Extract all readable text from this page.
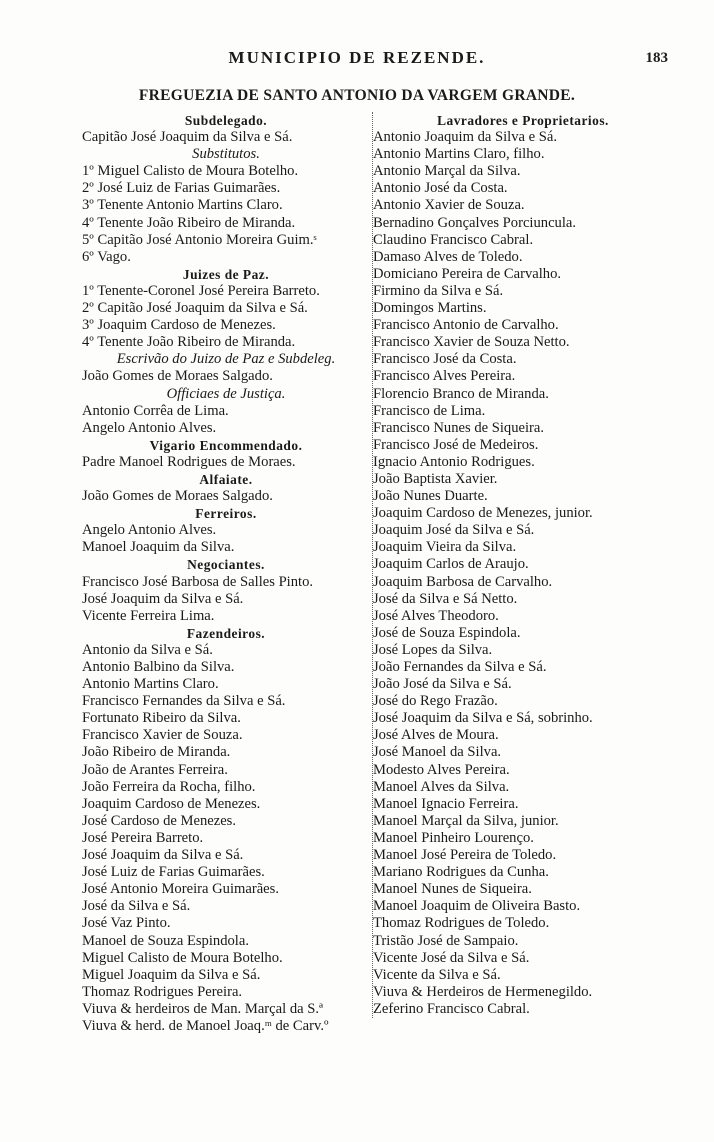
MUNICIPIO DE REZENDE.	183
FREGUEZIA DE SANTO ANTONIO DA VARGEM GRANDE.
Subdelegado.
Capitão José Joaquim da Silva e Sá.
Substitutos.
1º Miguel Calisto de Moura Botelho.
2º José Luiz de Farias Guimarães.
3º Tenente Antonio Martins Claro.
4º Tenente João Ribeiro de Miranda.
5º Capitão José Antonio Moreira Guim.ˢ
6º Vago.
Juizes de Paz.
1º Tenente-Coronel José Pereira Barreto.
2º Capitão José Joaquim da Silva e Sá.
3º Joaquim Cardoso de Menezes.
4º Tenente João Ribeiro de Miranda.
Escrivão do Juizo de Paz e Subdeleg.
João Gomes de Moraes Salgado.
Officiaes de Justiça.
Antonio Corrêa de Lima.
Angelo Antonio Alves.
Vigario Encommendado.
Padre Manoel Rodrigues de Moraes.
Alfaiate.
João Gomes de Moraes Salgado.
Ferreiros.
Angelo Antonio Alves.
Manoel Joaquim da Silva.
Negociantes.
Francisco José Barbosa de Salles Pinto.
José Joaquim da Silva e Sá.
Vicente Ferreira Lima.
Fazendeiros.
Antonio da Silva e Sá.
Antonio Balbino da Silva.
Antonio Martins Claro.
Francisco Fernandes da Silva e Sá.
Fortunato Ribeiro da Silva.
Francisco Xavier de Souza.
João Ribeiro de Miranda.
João de Arantes Ferreira.
João Ferreira da Rocha, filho.
Joaquim Cardoso de Menezes.
José Cardoso de Menezes.
José Pereira Barreto.
José Joaquim da Silva e Sá.
José Luiz de Farias Guimarães.
José Antonio Moreira Guimarães.
José da Silva e Sá.
José Vaz Pinto.
Manoel de Souza Espindola.
Miguel Calisto de Moura Botelho.
Miguel Joaquim da Silva e Sá.
Thomaz Rodrigues Pereira.
Viuva & herdeiros de Man. Marçal da S.ª
Viuva & herd. de Manoel Joaq.ᵐ de Carv.º
Lavradores e Proprietarios.
Antonio Joaquim da Silva e Sá.
Antonio Martins Claro, filho.
Antonio Marçal da Silva.
Antonio José da Costa.
Antonio Xavier de Souza.
Bernadino Gonçalves Porciuncula.
Claudino Francisco Cabral.
Damaso Alves de Toledo.
Domiciano Pereira de Carvalho.
Firmino da Silva e Sá.
Domingos Martins.
Francisco Antonio de Carvalho.
Francisco Xavier de Souza Netto.
Francisco José da Costa.
Francisco Alves Pereira.
Florencio Branco de Miranda.
Francisco de Lima.
Francisco Nunes de Siqueira.
Francisco José de Medeiros.
Ignacio Antonio Rodrigues.
João Baptista Xavier.
João Nunes Duarte.
Joaquim Cardoso de Menezes, junior.
Joaquim José da Silva e Sá.
Joaquim Vieira da Silva.
Joaquim Carlos de Araujo.
Joaquim Barbosa de Carvalho.
José da Silva e Sá Netto.
José Alves Theodoro.
José de Souza Espindola.
José Lopes da Silva.
João Fernandes da Silva e Sá.
João José da Silva e Sá.
José do Rego Frazão.
José Joaquim da Silva e Sá, sobrinho.
José Alves de Moura.
José Manoel da Silva.
Modesto Alves Pereira.
Manoel Alves da Silva.
Manoel Ignacio Ferreira.
Manoel Marçal da Silva, junior.
Manoel Pinheiro Lourenço.
Manoel José Pereira de Toledo.
Mariano Rodrigues da Cunha.
Manoel Nunes de Siqueira.
Manoel Joaquim de Oliveira Basto.
Thomaz Rodrigues de Toledo.
Tristão José de Sampaio.
Vicente José da Silva e Sá.
Vicente da Silva e Sá.
Viuva & Herdeiros de Hermenegildo.
Zeferino Francisco Cabral.
